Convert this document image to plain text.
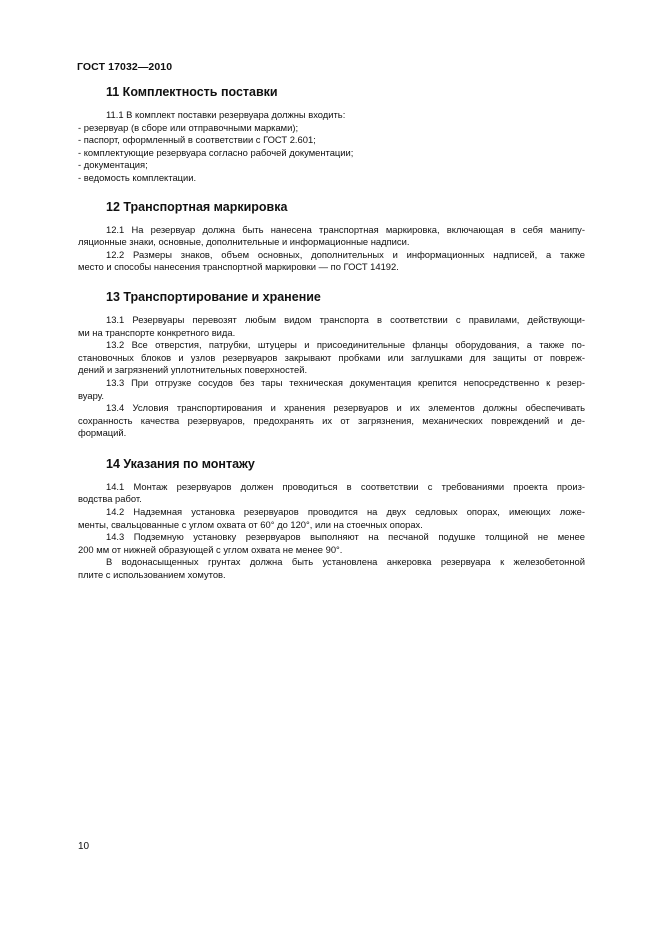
ГОСТ 17032—2010
11 Комплектность поставки
11.1 В комплект поставки резервуара должны входить:
- резервуар (в сборе или отправочными марками);
- паспорт, оформленный в соответствии с ГОСТ 2.601;
- комплектующие резервуара согласно рабочей документации;
- документация;
- ведомость комплектации.
12 Транспортная маркировка
12.1 На резервуар должна быть нанесена транспортная маркировка, включающая в себя манипу-
ляционные знаки, основные, дополнительные и информационные надписи.
12.2 Размеры знаков, объем основных, дополнительных и информационных надписей, а также
место и способы нанесения транспортной маркировки — по ГОСТ 14192.
13 Транспортирование и хранение
13.1 Резервуары перевозят любым видом транспорта в соответствии с правилами, действующи-
ми на транспорте конкретного вида.
13.2 Все отверстия, патрубки, штуцеры и присоединительные фланцы оборудования, а также по-
становочных блоков и узлов резервуаров закрывают пробками или заглушками для защиты от повреж-
дений и загрязнений уплотнительных поверхностей.
13.3 При отгрузке сосудов без тары техническая документация крепится непосредственно к резер-
вуару.
13.4 Условия транспортирования и хранения резервуаров и их элементов должны обеспечивать
сохранность качества резервуаров, предохранять их от загрязнения, механических повреждений и де-
формаций.
14 Указания по монтажу
14.1 Монтаж резервуаров должен проводиться в соответствии с требованиями проекта произ-
водства работ.
14.2 Надземная установка резервуаров проводится на двух седловых опорах, имеющих ложе-
менты, свальцованные с углом охвата от 60° до 120°, или на стоечных опорах.
14.3 Подземную установку резервуаров выполняют на песчаной подушке толщиной не менее
200 мм от нижней образующей с углом охвата не менее 90°.
В водонасыщенных грунтах должна быть установлена анкеровка резервуара к железобетонной
плите с использованием хомутов.
10
